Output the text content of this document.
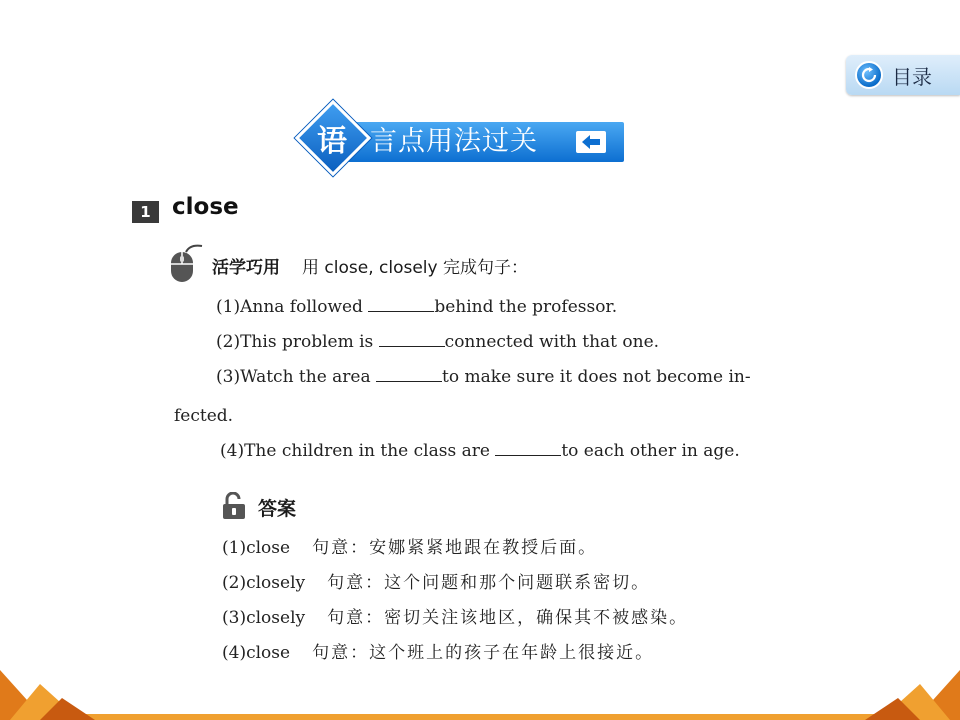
目录
语 言点用法过关
1 close
活学巧用 用 close, closely 完成句子：
(1)Anna followed	behind the professor.
(2)This problem is	connected with that one.
(3)Watch the area	to make sure it does not become in-
fected.
(4)The children in the class are	to each other in age.
答案
(1)close 句意：安娜紧紧地跟在教授后面。
(2)closely 句意：这个问题和那个问题联系密切。
(3)closely 句意：密切关注该地区，确保其不被感染。
(4)close 句意：这个班上的孩子在年龄上很接近。
